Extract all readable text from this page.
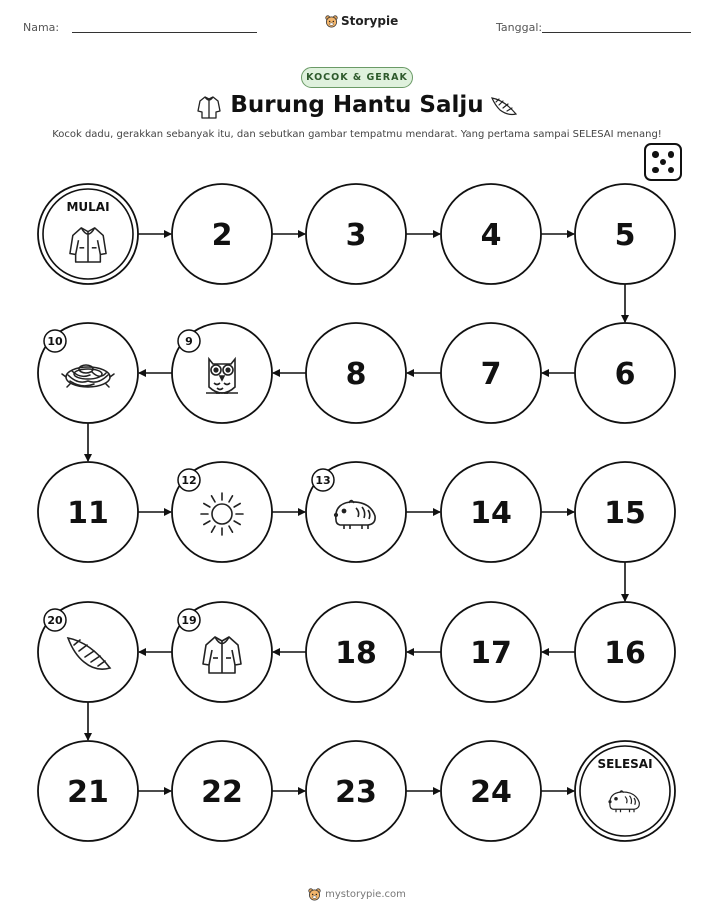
Nama:	Storypie	Tanggal:
KOCOK & GERAK
Burung Hantu Salju
Kocok dadu, gerakkan sebanyak itu, dan sebutkan gambar tempatmu mendarat. Yang pertama sampai SELESAI menang!
MULAI
2	3	4	5
6
7
8
9
10
11
12	13
14	15
16
17
18
19
20
21	22	23	24
SELESAI
mystorypie.com
